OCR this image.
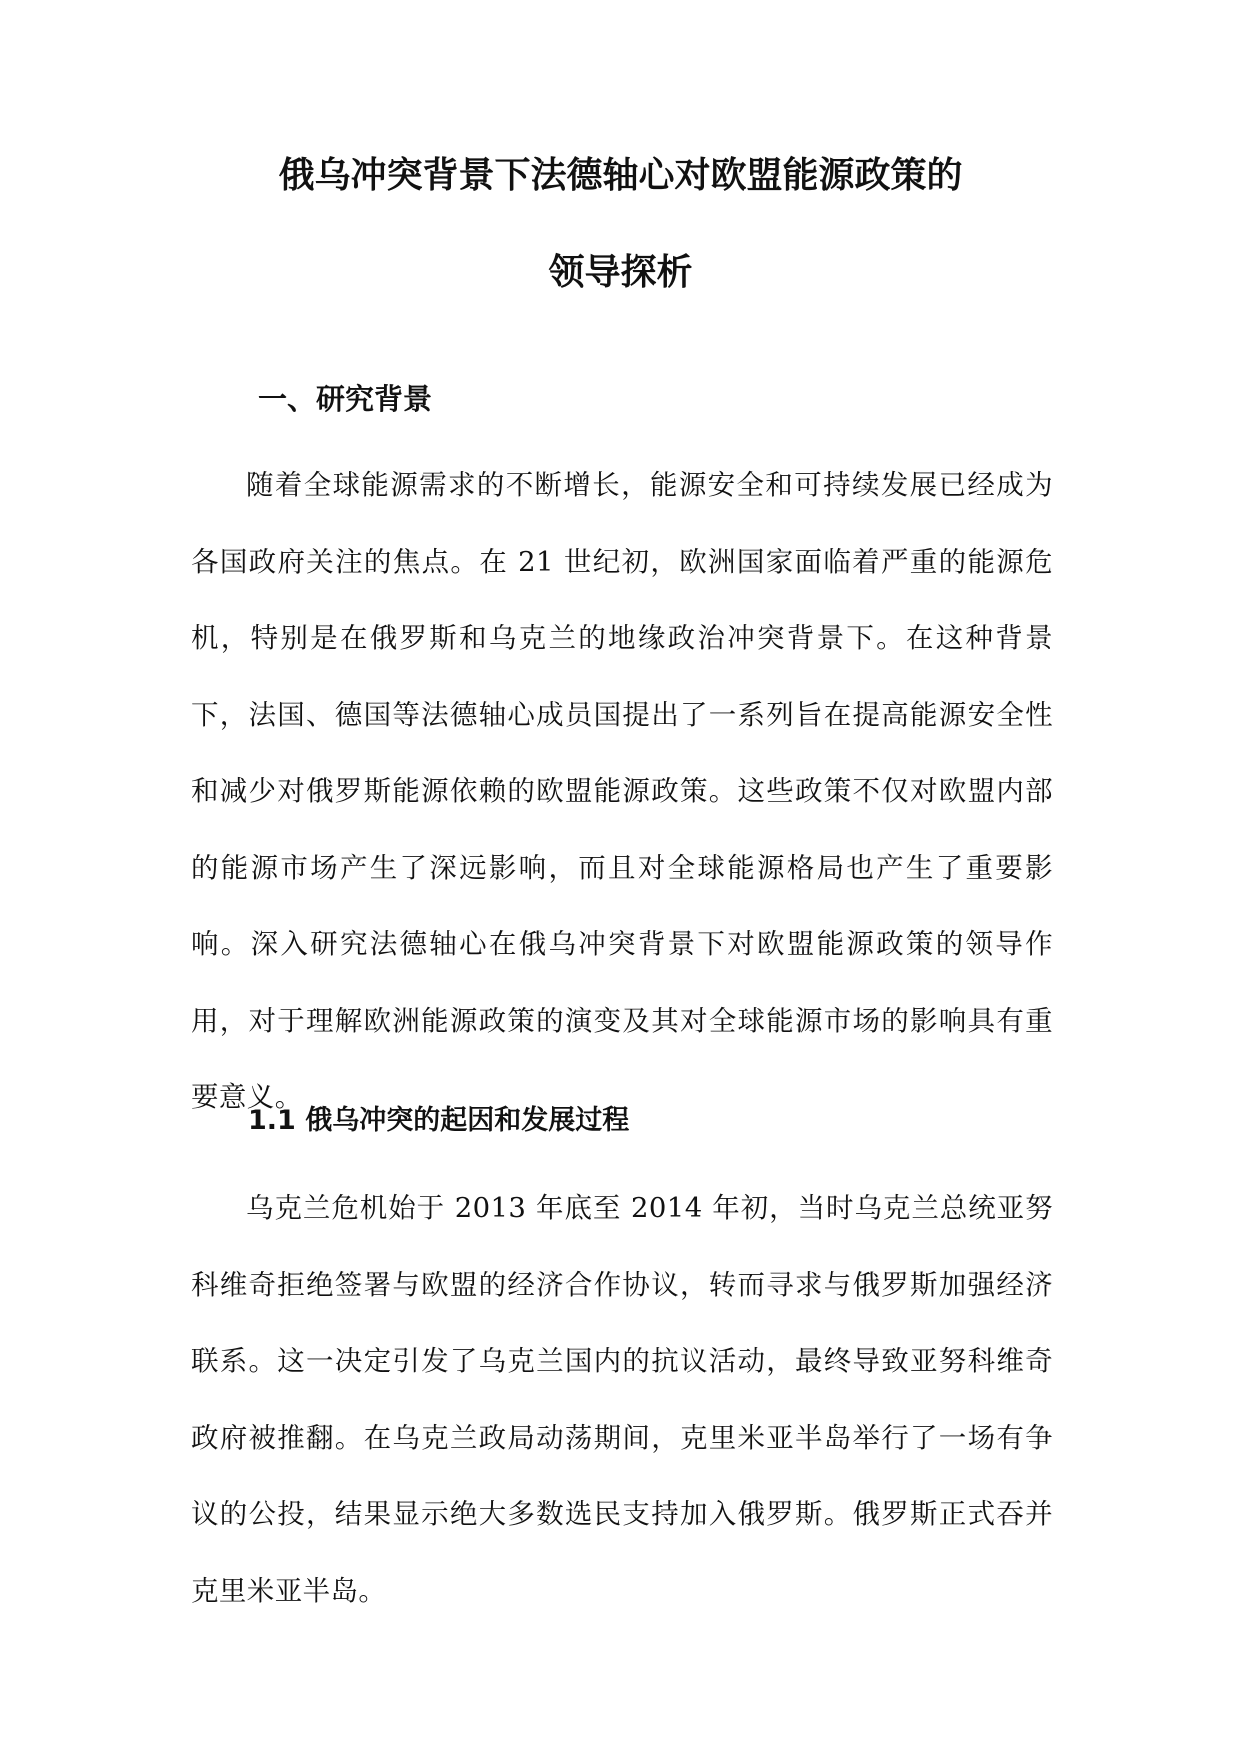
俄乌冲突背景下法德轴心对欧盟能源政策的
领导探析
一、研究背景

随着全球能源需求的不断增长，能源安全和可持续发展已经成为各国政府关注的焦点。在 21 世纪初，欧洲国家面临着严重的能源危机，特别是在俄罗斯和乌克兰的地缘政治冲突背景下。在这种背景下，法国、德国等法德轴心成员国提出了一系列旨在提高能源安全性和减少对俄罗斯能源依赖的欧盟能源政策。这些政策不仅对欧盟内部的能源市场产生了深远影响，而且对全球能源格局也产生了重要影响。深入研究法德轴心在俄乌冲突背景下对欧盟能源政策的领导作用，对于理解欧洲能源政策的演变及其对全球能源市场的影响具有重要意义。

1.1 俄乌冲突的起因和发展过程

乌克兰危机始于 2013 年底至 2014 年初，当时乌克兰总统亚努科维奇拒绝签署与欧盟的经济合作协议，转而寻求与俄罗斯加强经济联系。这一决定引发了乌克兰国内的抗议活动，最终导致亚努科维奇政府被推翻。在乌克兰政局动荡期间，克里米亚半岛举行了一场有争议的公投，结果显示绝大多数选民支持加入俄罗斯。俄罗斯正式吞并克里米亚半岛。
